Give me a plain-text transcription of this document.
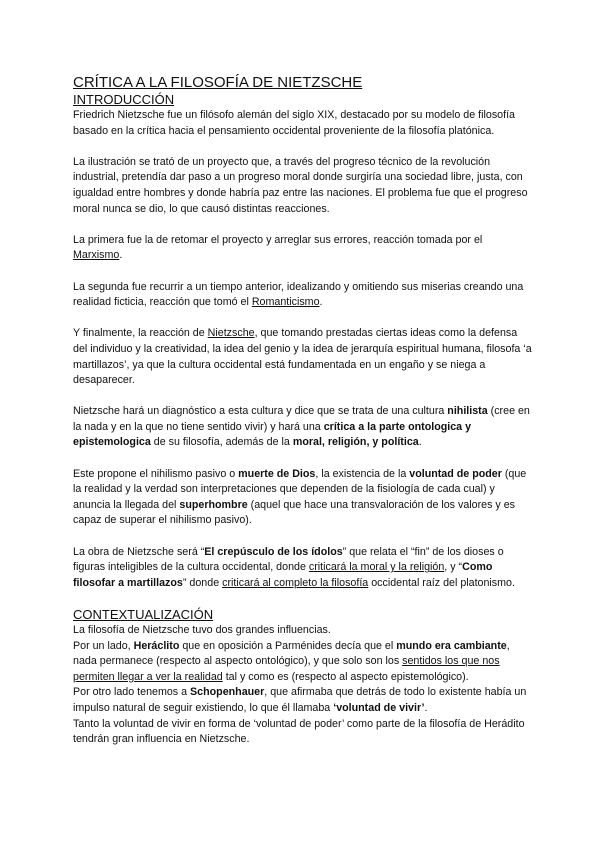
CRÍTICA A LA FILOSOFÍA DE NIETZSCHE
INTRODUCCIÓN

Friedrich Nietzsche fue un filósofo alemán del siglo XIX, destacado por su modelo de filosofía basado en la crítica hacia el pensamiento occidental proveniente de la filosofía platónica.

La ilustración se trató de un proyecto que, a través del progreso técnico de la revolución industrial, pretendía dar paso a un progreso moral donde surgiría una sociedad libre, justa, con igualdad entre hombres y donde habría paz entre las naciones. El problema fue que el progreso moral nunca se dio, lo que causó distintas reacciones.

La primera fue la de retomar el proyecto y arreglar sus errores, reacción tomada por el Marxismo.

La segunda fue recurrir a un tiempo anterior, idealizando y omitiendo sus miserias creando una realidad ficticia, reacción que tomó el Romanticismo.

Y finalmente, la reacción de Nietzsche, que tomando prestadas ciertas ideas como la defensa del individuo y la creatividad, la idea del genio y la idea de jerarquía espiritual humana, filosofa ‘a martillazos’, ya que la cultura occidental está fundamentada en un engaño y se niega a desaparecer.

Nietzsche hará un diagnóstico a esta cultura y dice que se trata de una cultura nihilista (cree en la nada y en la que no tiene sentido vivir) y hará una crítica a la parte ontologica y epistemologica de su filosofía, además de la moral, religión, y política.

Este propone el nihilismo pasivo o muerte de Dios, la existencia de la voluntad de poder (que la realidad y la verdad son interpretaciones que dependen de la fisiología de cada cual) y anuncia la llegada del superhombre (aquel que hace una transvaloración de los valores y es capaz de superar el nihilismo pasivo).

La obra de Nietzsche será “El crepúsculo de los ídolos” que relata el “fin” de los dioses o figuras inteligibles de la cultura occidental, donde criticará la moral y la religión, y “Como filosofar a martillazos” donde criticará al completo la filosofía occidental raíz del platonismo.

CONTEXTUALIZACIÓN

La filosofía de Nietzsche tuvo dos grandes influencias.

Por un lado, Heráclito que en oposición a Parménides decía que el mundo era cambiante, nada permanece (respecto al aspecto ontológico), y que solo son los sentidos los que nos permiten llegar a ver la realidad tal y como es (respecto al aspecto epistemológico).

Por otro lado tenemos a Schopenhauer, que afirmaba que detrás de todo lo existente había un impulso natural de seguir existiendo, lo que él llamaba ‘voluntad de vivir’.

Tanto la voluntad de vivir en forma de ‘voluntad de poder’ como parte de la filosofía de Herádito tendrán gran influencia en Nietzsche.
